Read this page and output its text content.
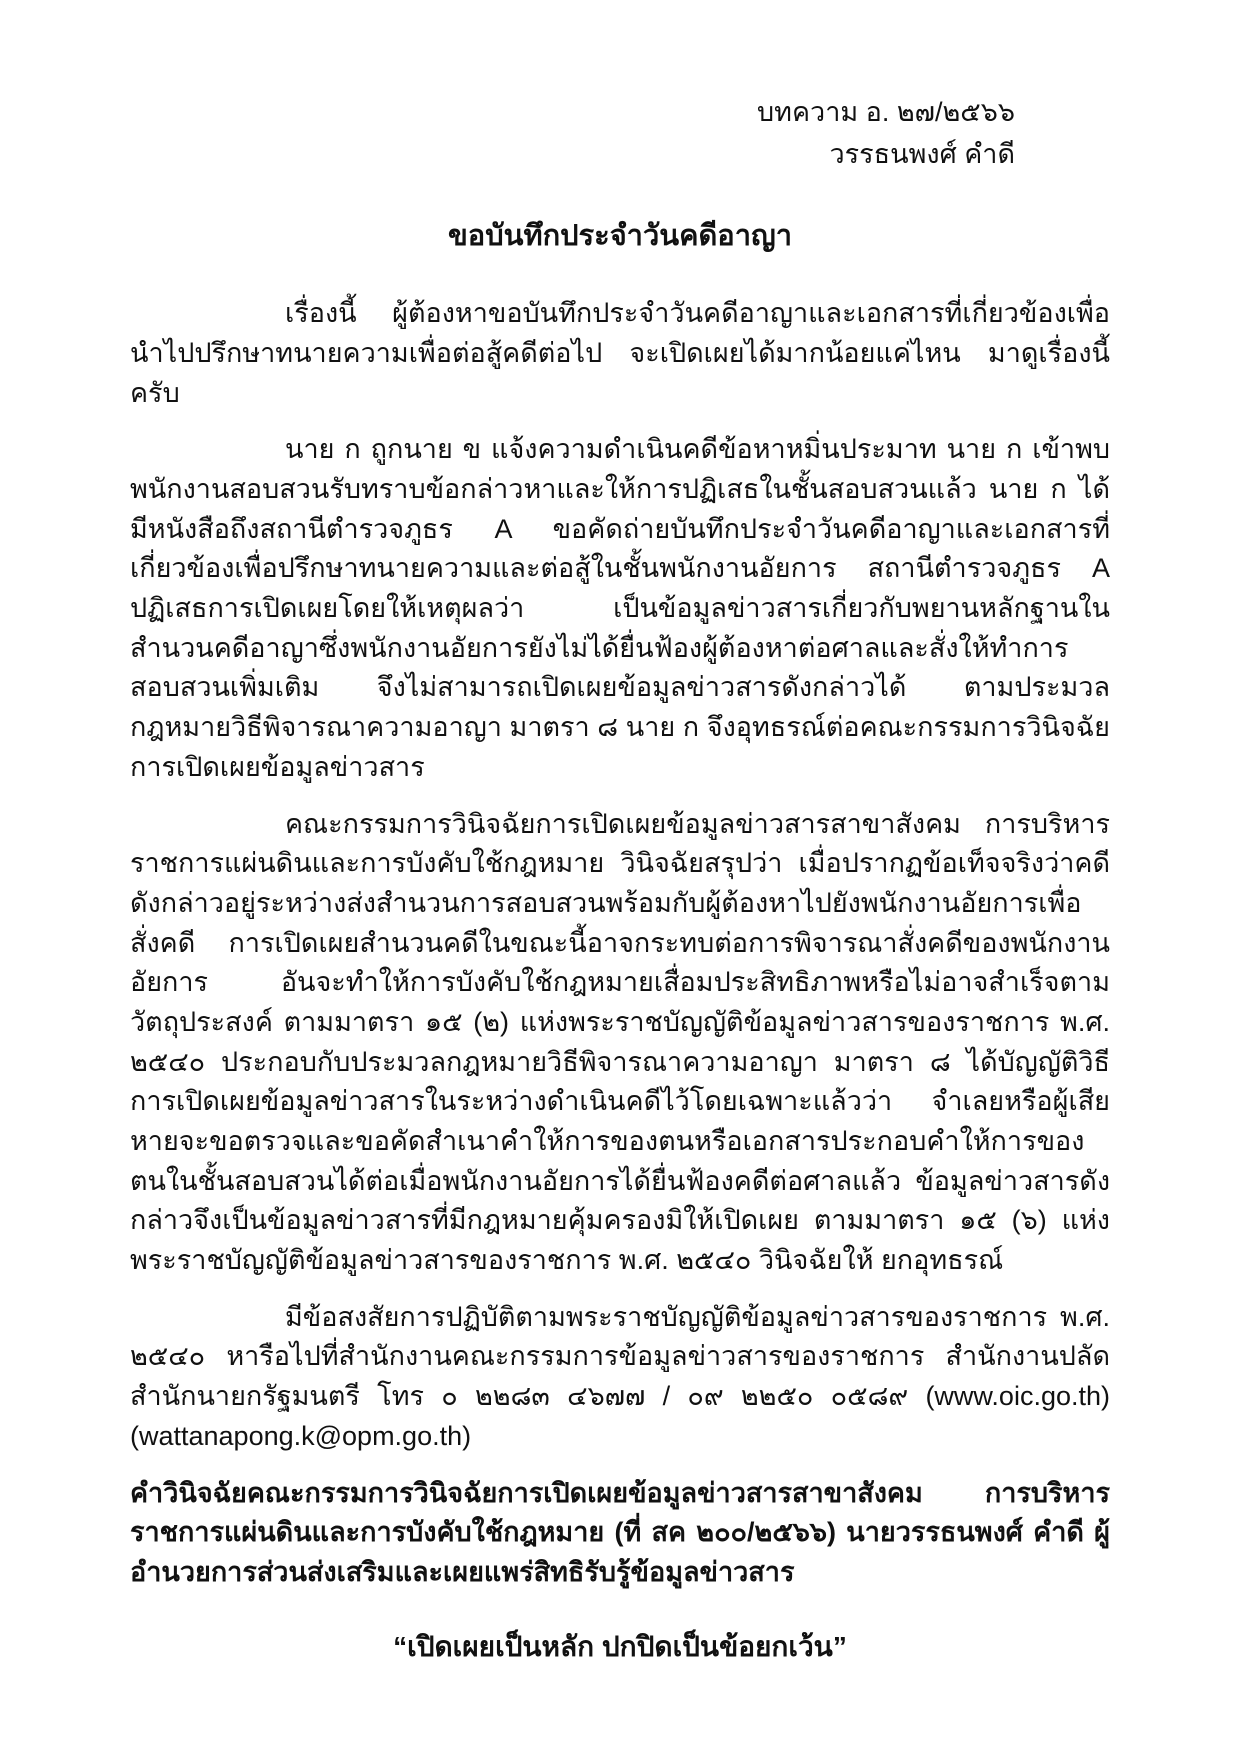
บทความ อ. ๒๗/๒๕๖๖
วรรธนพงศ์ คำดี
ขอบันทึกประจำวันคดีอาญา

เรื่องนี้ ผู้ต้องหาขอบันทึกประจำวันคดีอาญาและเอกสารที่เกี่ยวข้องเพื่อนำไปปรึกษาทนายความเพื่อต่อสู้คดีต่อไป จะเปิดเผยได้มากน้อยแค่ไหน มาดูเรื่องนี้ครับ

นาย ก ถูกนาย ข แจ้งความดำเนินคดีข้อหาหมิ่นประมาท นาย ก เข้าพบพนักงานสอบสวนรับทราบข้อกล่าวหาและให้การปฏิเสธในชั้นสอบสวนแล้ว นาย ก ได้มีหนังสือถึงสถานีตำรวจภูธร A ขอคัดถ่ายบันทึกประจำวันคดีอาญาและเอกสารที่เกี่ยวข้องเพื่อปรึกษาทนายความและต่อสู้ในชั้นพนักงานอัยการ สถานีตำรวจภูธร A ปฏิเสธการเปิดเผยโดยให้เหตุผลว่า เป็นข้อมูลข่าวสารเกี่ยวกับพยานหลักฐานในสำนวนคดีอาญาซึ่งพนักงานอัยการยังไม่ได้ยื่นฟ้องผู้ต้องหาต่อศาลและสั่งให้ทำการสอบสวนเพิ่มเติม จึงไม่สามารถเปิดเผยข้อมูลข่าวสารดังกล่าวได้ ตามประมวลกฎหมายวิธีพิจารณาความอาญา มาตรา ๘ นาย ก จึงอุทธรณ์ต่อคณะกรรมการวินิจฉัยการเปิดเผยข้อมูลข่าวสาร

คณะกรรมการวินิจฉัยการเปิดเผยข้อมูลข่าวสารสาขาสังคม การบริหารราชการแผ่นดินและการบังคับใช้กฎหมาย วินิจฉัยสรุปว่า เมื่อปรากฏข้อเท็จจริงว่าคดีดังกล่าวอยู่ระหว่างส่งสำนวนการสอบสวนพร้อมกับผู้ต้องหาไปยังพนักงานอัยการเพื่อสั่งคดี การเปิดเผยสำนวนคดีในขณะนี้อาจกระทบต่อการพิจารณาสั่งคดีของพนักงานอัยการ อันจะทำให้การบังคับใช้กฎหมายเสื่อมประสิทธิภาพหรือไม่อาจสำเร็จตามวัตถุประสงค์ ตามมาตรา ๑๕ (๒) แห่งพระราชบัญญัติข้อมูลข่าวสารของราชการ พ.ศ. ๒๕๔๐ ประกอบกับประมวลกฎหมายวิธีพิจารณาความอาญา มาตรา ๘ ได้บัญญัติวิธีการเปิดเผยข้อมูลข่าวสารในระหว่างดำเนินคดีไว้โดยเฉพาะแล้วว่า จำเลยหรือผู้เสียหายจะขอตรวจและขอคัดสำเนาคำให้การของตนหรือเอกสารประกอบคำให้การของตนในชั้นสอบสวนได้ต่อเมื่อพนักงานอัยการได้ยื่นฟ้องคดีต่อศาลแล้ว ข้อมูลข่าวสารดังกล่าวจึงเป็นข้อมูลข่าวสารที่มีกฎหมายคุ้มครองมิให้เปิดเผย ตามมาตรา ๑๕ (๖) แห่งพระราชบัญญัติข้อมูลข่าวสารของราชการ พ.ศ. ๒๕๔๐ วินิจฉัยให้ ยกอุทธรณ์

มีข้อสงสัยการปฏิบัติตามพระราชบัญญัติข้อมูลข่าวสารของราชการ พ.ศ. ๒๕๔๐ หารือไปที่สำนักงานคณะกรรมการข้อมูลข่าวสารของราชการ สำนักงานปลัดสำนักนายกรัฐมนตรี โทร ๐ ๒๒๘๓ ๔๖๗๗ / ๐๙ ๒๒๕๐ ๐๕๘๙ (www.oic.go.th) (wattanapong.k@opm.go.th)

คำวินิจฉัยคณะกรรมการวินิจฉัยการเปิดเผยข้อมูลข่าวสารสาขาสังคม การบริหารราชการแผ่นดินและการบังคับใช้กฎหมาย (ที่ สค ๒๐๐/๒๕๖๖) นายวรรธนพงศ์ คำดี ผู้อำนวยการส่วนส่งเสริมและเผยแพร่สิทธิรับรู้ข้อมูลข่าวสาร

“เปิดเผยเป็นหลัก ปกปิดเป็นข้อยกเว้น”
